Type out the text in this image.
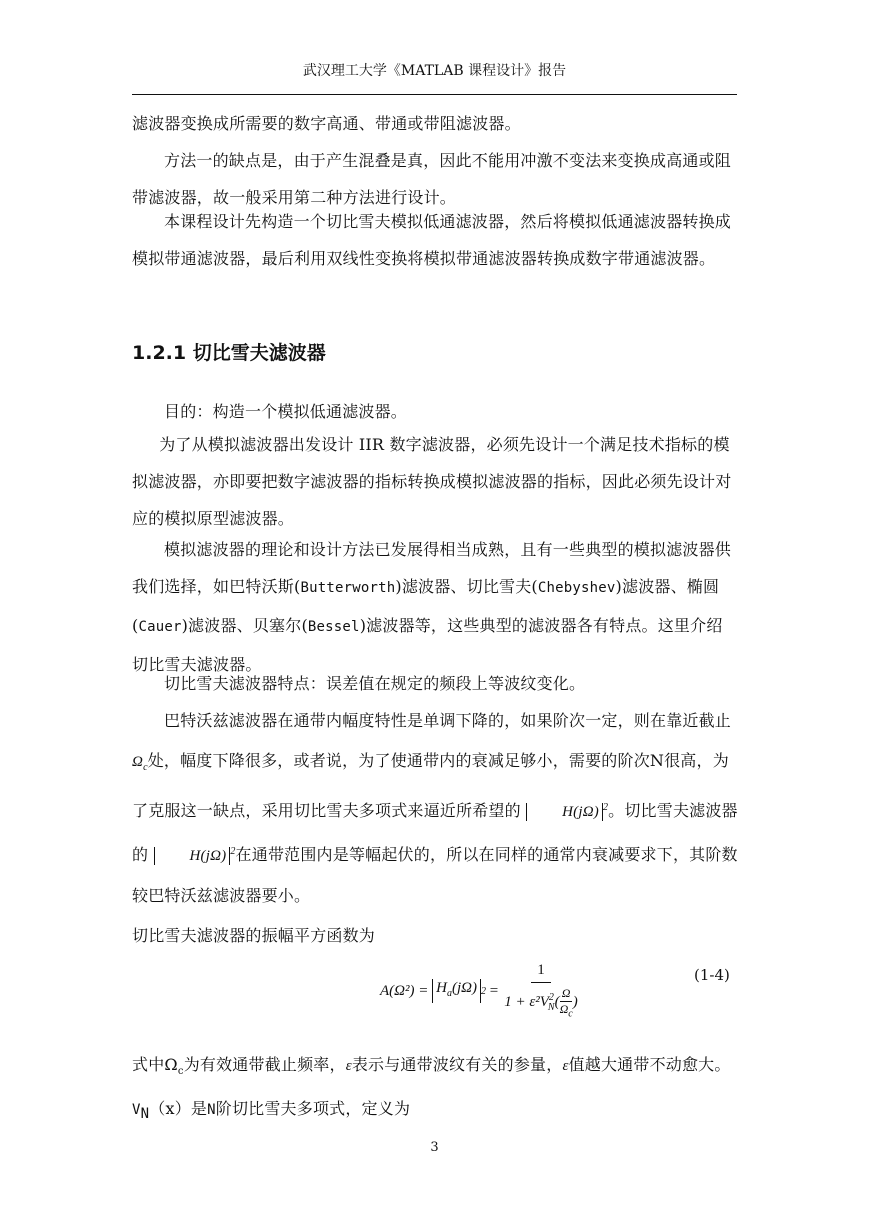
武汉理工大学《MATLAB 课程设计》报告

滤波器变换成所需要的数字高通、带通或带阻滤波器。

方法一的缺点是，由于产生混叠是真，因此不能用冲激不变法来变换成高通或阻带滤波器，故一般采用第二种方法进行设计。

本课程设计先构造一个切比雪夫模拟低通滤波器，然后将模拟低通滤波器转换成模拟带通滤波器，最后利用双线性变换将模拟带通滤波器转换成数字带通滤波器。

1.2.1 切比雪夫滤波器

目的：构造一个模拟低通滤波器。

为了从模拟滤波器出发设计 IIR 数字滤波器，必须先设计一个满足技术指标的模拟滤波器，亦即要把数字滤波器的指标转换成模拟滤波器的指标，因此必须先设计对应的模拟原型滤波器。

模拟滤波器的理论和设计方法已发展得相当成熟，且有一些典型的模拟滤波器供我们选择，如巴特沃斯(Butterworth)滤波器、切比雪夫(Chebyshev)滤波器、椭圆(Cauer)滤波器、贝塞尔(Bessel)滤波器等，这些典型的滤波器各有特点。这里介绍切比雪夫滤波器。

切比雪夫滤波器特点：误差值在规定的频段上等波纹变化。

巴特沃兹滤波器在通带内幅度特性是单调下降的，如果阶次一定，则在靠近截止 $\Omega_c$处，幅度下降很多，或者说，为了使通带内的衰减足够小，需要的阶次N很高，为了克服这一缺点，采用切比雪夫多项式来逼近所希望的	H(jΩ) $^2$。切比雪夫滤波器的	H(jΩ) $^2$在通带范围内是等幅起伏的，所以在同样的通常内衰减要求下，其阶数较巴特沃兹滤波器要小。

切比雪夫滤波器的振幅平方函数为

A(Ω²) =
$H_a(j\Omega)$ 2
= $\frac{1}{1 + \varepsilon^2V^2_N( \frac{\Omega}{\Omega_c} )}$	(1-4)

式中$\Omega_c$为有效通带截止频率，ε表示与通带波纹有关的参量，ε值越大通带不动愈大。$V_N(x)$是N阶切比雪夫多项式，定义为

3
